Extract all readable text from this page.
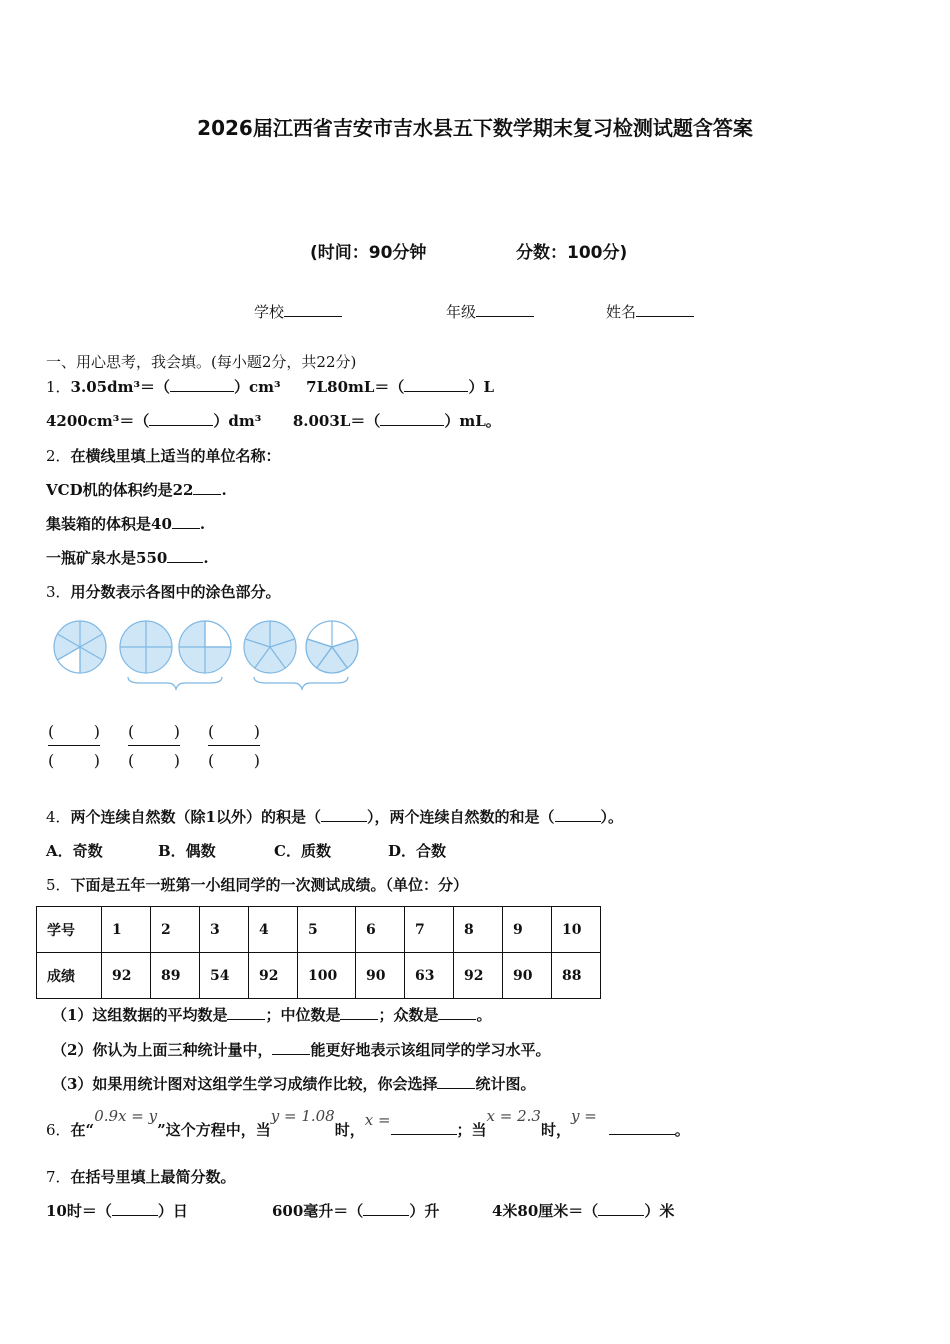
2026届江西省吉安市吉水县五下数学期末复习检测试题含答案
(时间：90分钟	分数：100分)
学校	年级	姓名
一、用心思考，我会填。(每小题2分，共22分)
1．3.05dm³＝（	）cm³ 7L80mL＝（	）L
4200cm³＝（	）dm³ 8.003L＝（	）mL。
2．在横线里填上适当的单位名称：
VCD机的体积约是22 .
集装箱的体积是40 .
一瓶矿泉水是550 .
3．用分数表示各图中的涂色部分。
( )
( )
( )
( )
( )
( )
4．两个连续自然数（除1以外）的积是（	），两个连续自然数的和是（	）。
A．奇数	B．偶数	C．质数	D．合数
5．下面是五年一班第一小组同学的一次测试成绩。（单位：分）
学号	1	2	3	4	5	6	7	8	9	10
成绩	92	89	54	92	100	90	63	92	90	88
（1）这组数据的平均数是	；中位数是	；众数是	。
（2）你认为上面三种统计量中，	能更好地表示该组同学的学习水平。
（3）如果用统计图对这组学生学习成绩作比较，你会选择	统计图。
6．在“0.9x = y”这个方程中，当y = 1.08时，x =；当x = 2.3时，y =。
7．在括号里填上最简分数。
10时＝（	）日	600毫升＝（	）升	4米80厘米＝（	）米
